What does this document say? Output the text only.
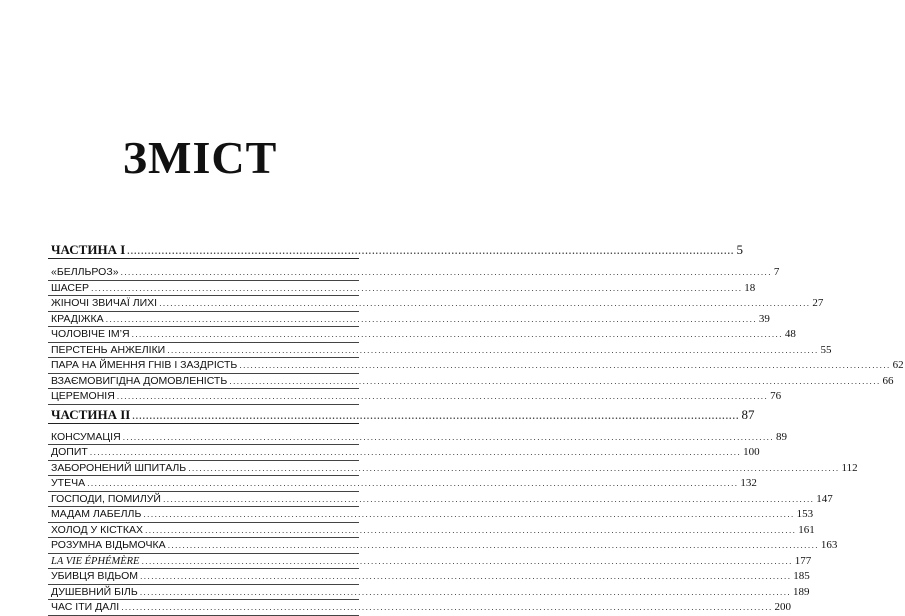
ЗМІСТ
ЧАСТИНА I .....	5
«БЕЛЛЬРОЗ» .....	7
ШАСЕР .....	18
ЖІНОЧІ ЗВИЧАЇ ЛИХІ .....	27
КРАДІЖКА .....	39
ЧОЛОВІЧЕ ІМ’Я .....	48
ПЕРСТЕНЬ АНЖЕЛІКИ .....	55
ПАРА НА ЙМЕННЯ ГНІВ І ЗАЗДРІСТЬ .....	62
ВЗАЄМОВИГІДНА ДОМОВЛЕНІСТЬ .....	66
ЦЕРЕМОНІЯ .....	76
ЧАСТИНА II .....	87
КОНСУМАЦІЯ .....	89
ДОПИТ .....	100
ЗАБОРОНЕНИЙ ШПИТАЛЬ .....	112
УТЕЧА .....	132
ГОСПОДИ, ПОМИЛУЙ .....	147
МАДАМ ЛАБЕЛЛЬ .....	153
ХОЛОД У КІСТКАХ .....	161
РОЗУМНА ВІДЬМОЧКА .....	163
LA VIE ÉPHÉMÈRE .....	177
УБИВЦЯ ВІДЬОМ .....	185
ДУШЕВНИЙ БІЛЬ .....	189
ЧАС ІТИ ДАЛІ .....	200
